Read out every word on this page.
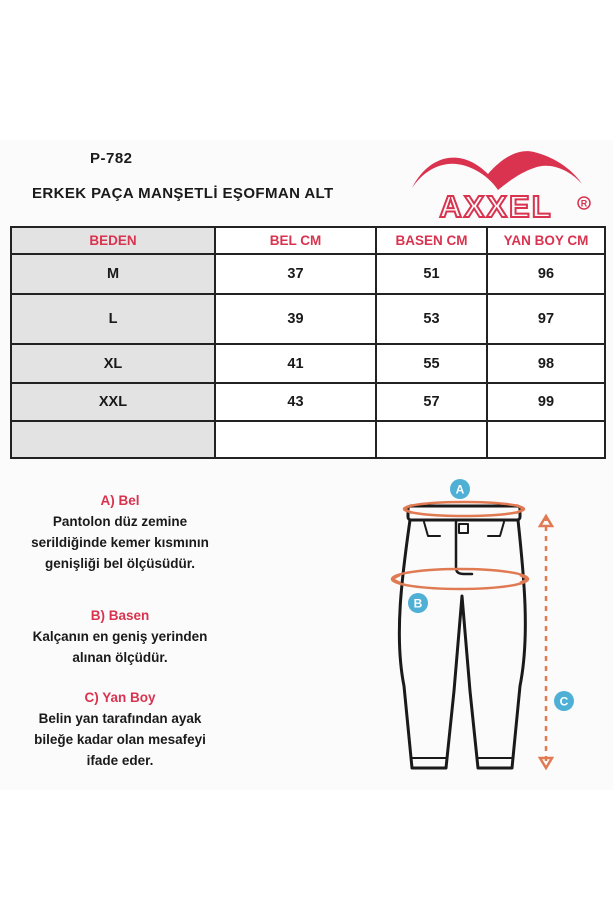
P-782
ERKEK PAÇA MANŞETLİ EŞOFMAN ALT	AXXEL	R
BEDEN	BEL CM	BASEN CM	YAN BOY CM
M	37	51	96
L	39	53	97
XL	41	55	98
XXL	43	57	99
A) Bel
Pantolon düz zemine
serildiğinde kemer kısmının
genişliği bel ölçüsüdür.
B) Basen
Kalçanın en geniş yerinden
alınan ölçüdür.
C) Yan Boy
Belin yan tarafından ayak
bileğe kadar olan mesafeyi
ifade eder.
A
B
C
